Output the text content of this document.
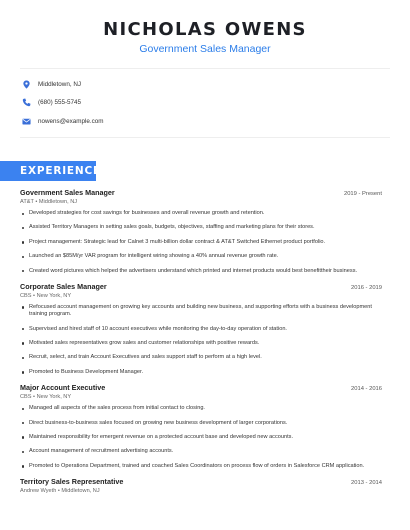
NICHOLAS OWENS
Government Sales Manager
Middletown, NJ
(680) 555-5745
nowens@example.com
EXPERIENCE
Government Sales Manager	2019 - Present
AT&T • Middletown, NJ
Developed strategies for cost savings for businesses and overall revenue growth and retention.
Assisted Territory Managers in setting sales goals, budgets, objectives, staffing and marketing plans for their stores.
Project management: Strategic lead for Calnet 3 multi-billion dollar contract & AT&T Switched Ethernet product portfolio.
Launched an $85M/yr VAR program for intelligent wiring showing a 40% annual revenue growth rate.
Created word pictures which helped the advertisers understand which printed and internet products would best benefittheir business.
Corporate Sales Manager	2016 - 2019
CBS • New York, NY
Refocused account management on growing key accounts and building new business, and supporting efforts with a business development training program.
Supervised and hired staff of 10 account executives while monitoring the day-to-day operation of station.
Motivated sales representatives grow sales and customer relationships with positive rewards.
Recruit, select, and train Account Executives and sales support staff to perform at a high level.
Promoted to Business Development Manager.
Major Account Executive	2014 - 2016
CBS • New York, NY
Managed all aspects of the sales process from initial contact to closing.
Direct business-to-business sales focused on growing new business development of larger corporations.
Maintained responsibility for emergent revenue on a protected account base and developed new accounts.
Account management of recruitment advertising accounts.
Promoted to Operations Department, trained and coached Sales Coordinators on process flow of orders in Salesforce CRM application.
Territory Sales Representative	2013 - 2014
Andrew Wyeth • Middletown, NJ
